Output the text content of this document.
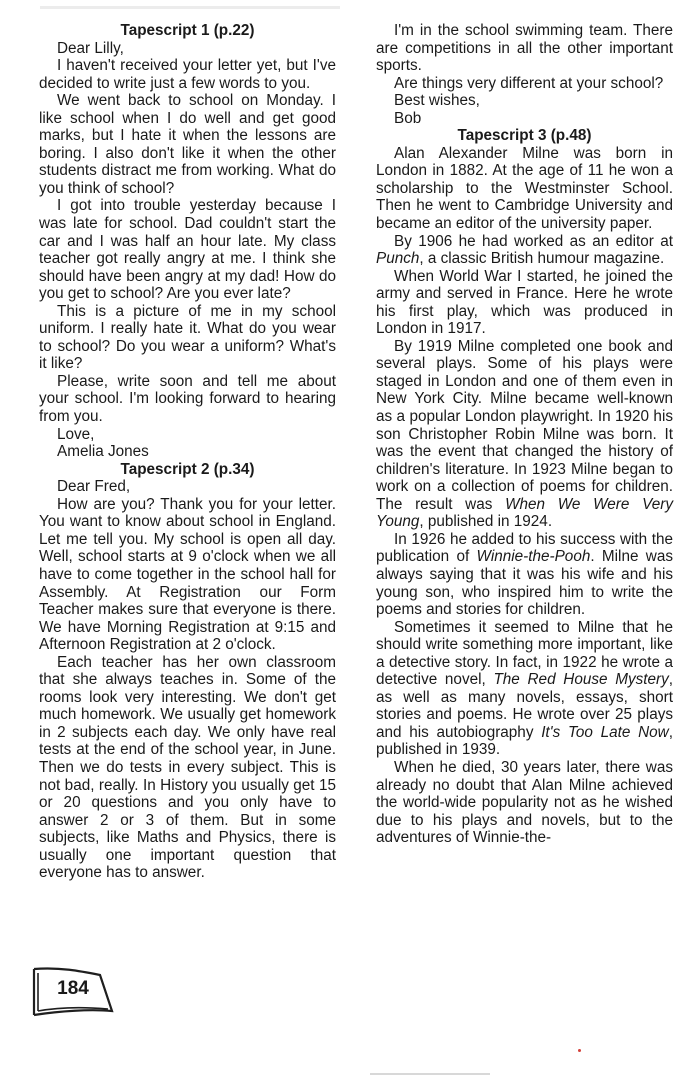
Tapescript 1 (p.22)

Dear Lilly,

I haven't received your letter yet, but I've decided to write just a few words to you.

We went back to school on Monday. I like school when I do well and get good marks, but I hate it when the lessons are boring. I also don't like it when the other students distract me from working. What do you think of school?

I got into trouble yesterday because I was late for school. Dad couldn't start the car and I was half an hour late. My class teacher got really angry at me. I think she should have been angry at my dad! How do you get to school? Are you ever late?

This is a picture of me in my school uniform. I really hate it. What do you wear to school? Do you wear a uniform? What's it like?

Please, write soon and tell me about your school. I'm looking forward to hearing from you.

Love,

Amelia Jones

Tapescript 2 (p.34)

Dear Fred,

How are you? Thank you for your letter. You want to know about school in England. Let me tell you. My school is open all day. Well, school starts at 9 o'clock when we all have to come together in the school hall for Assembly. At Registration our Form Teacher makes sure that everyone is there. We have Morning Registration at 9:15 and Afternoon Registration at 2 o'clock.

Each teacher has her own classroom that she always teaches in. Some of the rooms look very interesting. We don't get much homework. We usually get homework in 2 subjects each day. We only have real tests at the end of the school year, in June. Then we do tests in every subject. This is not bad, really. In History you usually get 15 or 20 questions and you only have to answer 2 or 3 of them. But in some subjects, like Maths and Physics, there is usually one important question that everyone has to answer.

I'm in the school swimming team. There are competitions in all the other important sports.

Are things very different at your school?

Best wishes,

Bob

Tapescript 3 (p.48)

Alan Alexander Milne was born in London in 1882. At the age of 11 he won a scholarship to the Westminster School. Then he went to Cambridge University and became an editor of the university paper.

By 1906 he had worked as an editor at Punch, a classic British humour magazine.

When World War I started, he joined the army and served in France. Here he wrote his first play, which was produced in London in 1917.

By 1919 Milne completed one book and several plays. Some of his plays were staged in London and one of them even in New York City. Milne became well-known as a popular London playwright. In 1920 his son Christopher Robin Milne was born. It was the event that changed the history of children's literature. In 1923 Milne began to work on a collection of poems for children. The result was When We Were Very Young, published in 1924.

In 1926 he added to his success with the publication of Winnie-the-Pooh. Milne was always saying that it was his wife and his young son, who inspired him to write the poems and stories for children.

Sometimes it seemed to Milne that he should write something more important, like a detective story. In fact, in 1922 he wrote a detective novel, The Red House Mystery, as well as many novels, essays, short stories and poems. He wrote over 25 plays and his autobiography It's Too Late Now, published in 1939.

When he died, 30 years later, there was already no doubt that Alan Milne achieved the world-wide popularity not as he wished due to his plays and novels, but to the adventures of Winnie-the-

184
